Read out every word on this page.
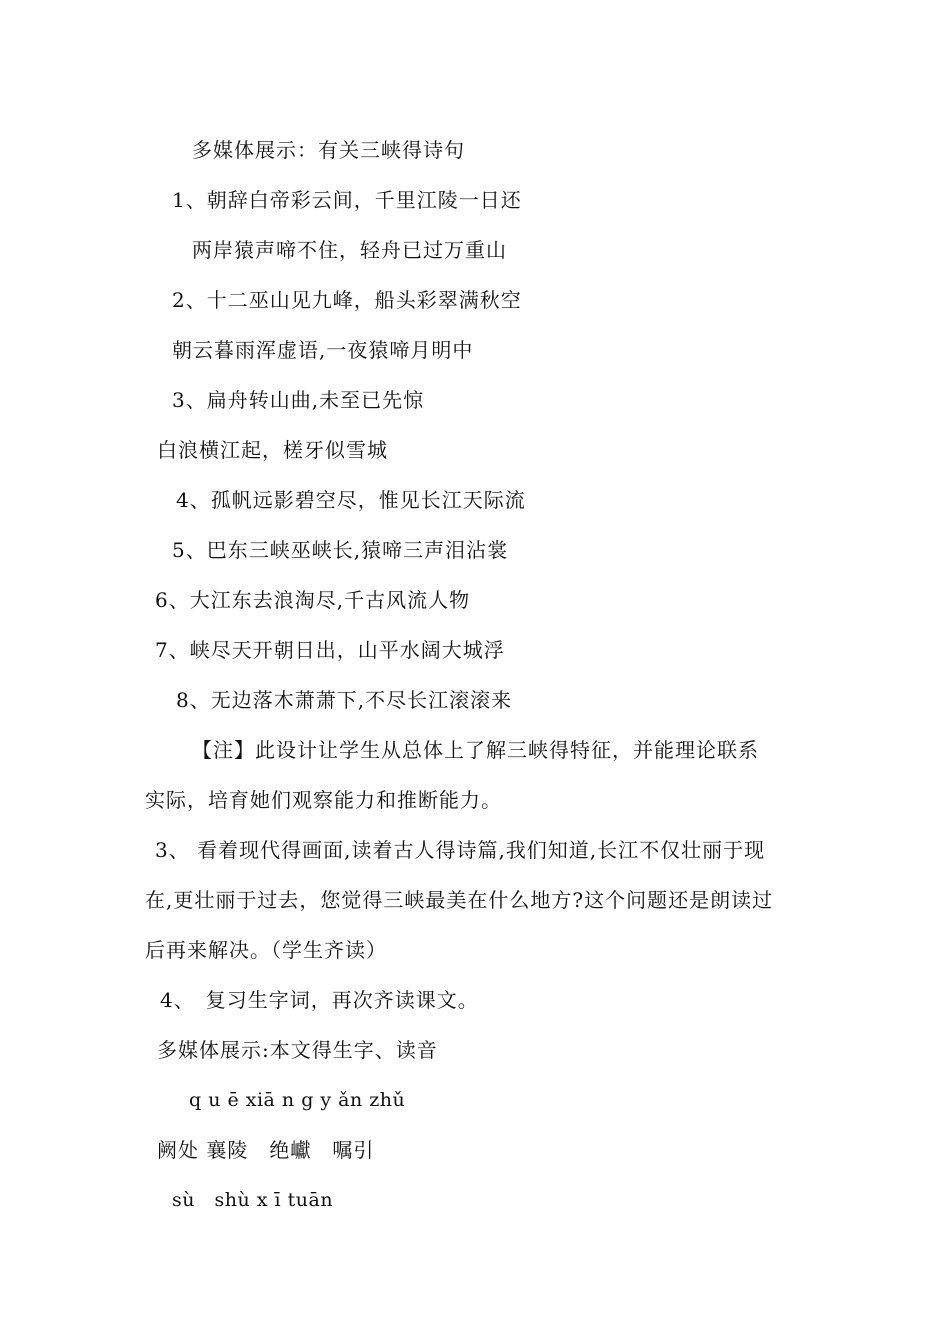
多媒体展示：有关三峡得诗句
1、朝辞白帝彩云间，千里江陵一日还
两岸猿声啼不住，轻舟已过万重山
2、十二巫山见九峰，船头彩翠满秋空
朝云暮雨浑虚语,一夜猿啼月明中
3、扁舟转山曲,未至已先惊
白浪横江起，槎牙似雪城
4、孤帆远影碧空尽，惟见长江天际流
5、巴东三峡巫峡长,猿啼三声泪沾裳
6、大江东去浪淘尽,千古风流人物
7、峡尽天开朝日出，山平水阔大城浮
8、无边落木萧萧下,不尽长江滚滚来
【注】此设计让学生从总体上了解三峡得特征，并能理论联系
实际，培育她们观察能力和推断能力。
3、 看着现代得画面,读着古人得诗篇,我们知道,长江不仅壮丽于现
在,更壮丽于过去，您觉得三峡最美在什么地方?这个问题还是朗读过
后再来解决。（学生齐读）
4、　复习生字词，再次齐读课文。
多媒体展示:本文得生字、读音
q u ē xiā n g y ǎn zhǔ
阙处 襄陵　绝巘　嘱引
sù　shù x ī tuān
